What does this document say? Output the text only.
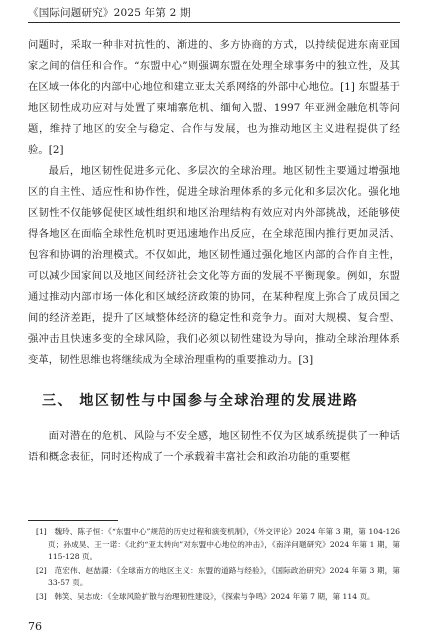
《国际问题研究》2025 年第 2 期

问题时，采取一种非对抗性的、渐进的、多方协商的方式，以持续促进东南亚国家之间的信任和合作。“东盟中心”则强调东盟在处理全球事务中的独立性，及其在区域一体化的内部中心地位和建立亚太关系网络的外部中心地位。[1] 东盟基于地区韧性成功应对与处置了柬埔寨危机、缅甸入盟、1997 年亚洲金融危机等问题，维持了地区的安全与稳定、合作与发展，也为推动地区主义进程提供了经验。[2]

最后，地区韧性促进多元化、多层次的全球治理。地区韧性主要通过增强地区的自主性、适应性和协作性，促进全球治理体系的多元化和多层次化。强化地区韧性不仅能够促使区域性组织和地区治理结构有效应对内外部挑战，还能够使得各地区在面临全球性危机时更迅速地作出反应，在全球范围内推行更加灵活、包容和协调的治理模式。不仅如此，地区韧性通过强化地区内部的合作自主性，可以减少国家间以及地区间经济社会文化等方面的发展不平衡现象。例如，东盟通过推动内部市场一体化和区域经济政策的协同，在某种程度上弥合了成员国之间的经济差距，提升了区域整体经济的稳定性和竞争力。面对大规模、复合型、强冲击且快速多变的全球风险，我们必须以韧性建设为导向，推动全球治理体系变革，韧性思维也将继续成为全球治理重构的重要推动力。[3]

三、 地区韧性与中国参与全球治理的发展进路

面对潜在的危机、风险与不安全感，地区韧性不仅为区域系统提供了一种话语和概念表征，同时还构成了一个承载着丰富社会和政治功能的重要框

[1]　魏玲、陈子恒：《“东盟中心”规范的历史过程和演变机制》，《外交评论》2024 年第 3 期，第 104-126 页；孙成昊、王一诺：《北约“亚太转向”对东盟中心地位的冲击》，《南洋问题研究》2024 年第 1 期，第 115-128 页。

[2]　范宏伟、赵喆譞：《全球南方的地区主义：东盟的道路与经验》，《国际政治研究》2024 年第 3 期，第 33-57 页。

[3]　韩笑、吴志成：《全球风险扩散与治理韧性建设》，《探索与争鸣》2024 年第 7 期，第 114 页。

76
